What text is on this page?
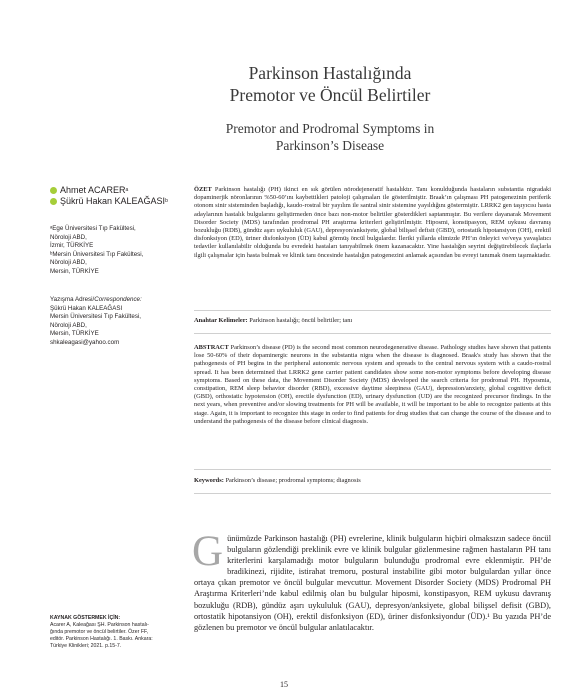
Parkinson Hastalığında
Premotor ve Öncül Belirtiler
Premotor and Prodromal Symptoms in
Parkinson’s Disease
Ahmet ACARER a
Şükrü Hakan KALEAĞASI b
ᵃEge Üniversitesi Tıp Fakültesi,
Nöroloji ABD,
İzmir, TÜRKİYE
ᵇMersin Üniversitesi Tıp Fakültesi,
Nöroloji ABD,
Mersin, TÜRKİYE
Yazışma Adresi/Correspondence:
Şükrü Hakan KALEAĞASI
Mersin Üniversitesi Tıp Fakültesi,
Nöroloji ABD,
Mersin, TÜRKİYE
shkaleagasi@yahoo.com
ÖZET Parkinson hastalığı (PH) ikinci en sık görülen nörodejeneratif hastalıktır. Tanı konulduğunda hastaların substantia nigradaki dopaminerjik nöronlarının %50-60’ını kaybettikleri patoloji çalışmaları ile gösterilmiştir. Braak’ın çalışması PH patogenezinin periferik otonom sinir sisteminden başladığı, kaudo-rostral bir yayılım ile santral sinir sistemine yayıldığını göstermiştir. LRRK2 gen taşıyıcısı hasta adaylarının hastalık bulgularını geliştirmeden önce bazı non-motor belirtiler gösterdikleri saptanmıştır. Bu verilere dayanarak Movement Disorder Society (MDS) tarafından prodromal PH araştırma kriterleri geliştirilmiştir. Hiposmi, konstipasyon, REM uykusu davranış bozukluğu (RDB), gündüz aşırı uykululuk (GAU), depresyon/anksiyete, global bilişsel defisit (GBD), ortostatik hipotansiyon (OH), erektil disfonksiyon (ED), üriner disfonksiyon (ÜD) kabul görmüş öncül bulgulardır. İleriki yıllarda elimizde PH’ın önleyici ve/veya yavaşlatıcı tedaviler kullanılabilir olduğunda bu evredeki hastaları tanıyabilmek önem kazanacaktır. Yine hastalığın seyrini değiştirebilecek ilaçlarla ilgili çalışmalar için hasta bulmak ve klinik tanı öncesinde hastalığın patogenezini anlamak açısından bu evreyi tanımak önem taşımaktadır.
Anahtar Kelimeler: Parkinson hastalığı; öncül belirtiler; tanı
ABSTRACT Parkinson’s disease (PD) is the second most common neurodegenerative disease. Pathology studies have shown that patients lose 50-60% of their dopaminergic neurons in the substantia nigra when the disease is diagnosed. Braak's study has shown that the pathogenesis of PH begins in the peripheral autonomic nervous system and spreads to the central nervous system with a caudo-rostral spread. It has been determined that LRRK2 gene carrier patient candidates show some non-motor symptoms before developing disease symptoms. Based on these data, the Movement Disorder Society (MDS) developed the search criteria for prodromal PH. Hyposmia, constipation, REM sleep behavior disorder (RBD), excessive daytime sleepiness (GAU), depression/anxiety, global cognitive deficit (GBD), orthostatic hypotension (OH), erectile dysfunction (ED), urinary dysfunction (UD) are the recognized precursor findings. In the next years, when preventive and/or slowing treatments for PH will be available, it will be important to be able to recognize patients at this stage. Again, it is important to recognize this stage in order to find patients for drug studies that can change the course of the disease and to understand the pathogenesis of the disease before clinical diagnosis.
Keywords: Parkinson’s disease; prodromal symptoms; diagnosis
Günümüzde Parkinson hastalığı (PH) evrelerine, klinik bulguların hiçbiri olmaksızın sadece öncül bulguların gözlendiği preklinik evre ve klinik bulgular gözlenmesine rağmen hastaların PH tanı kriterlerini karşılamadığı motor bulguların bulunduğu prodromal evre eklenmiştir. PH’de bradikinezi, rijidite, istirahat tremoru, postural instabilite gibi motor bulgulardan yıllar önce ortaya çıkan premotor ve öncül bulgular mevcuttur. Movement Disorder Society (MDS) Prodromal PH Araştırma Kriterleri’nde kabul edilmiş olan bu bulgular hiposmi, konstipasyon, REM uykusu davranış bozukluğu (RDB), gündüz aşırı uykululuk (GAU), depresyon/anksiyete, global bilişsel defisit (GBD), ortostatik hipotansiyon (OH), erektil disfonksiyon (ED), üriner disfonksiyondur (ÜD).¹ Bu yazıda PH’de gözlenen bu premotor ve öncül bulgular anlatılacaktır.
KAYNAK GÖSTERMEK İÇİN:
Acarer A, Kaleağası ŞH. Parkinson hastalı-
ğında premotor ve öncül belirtiler. Özer FF,
editör. Parkinson Hastalığı. 1. Baskı. Ankara:
Türkiye Klinikleri; 2021. p.15-7.
15
